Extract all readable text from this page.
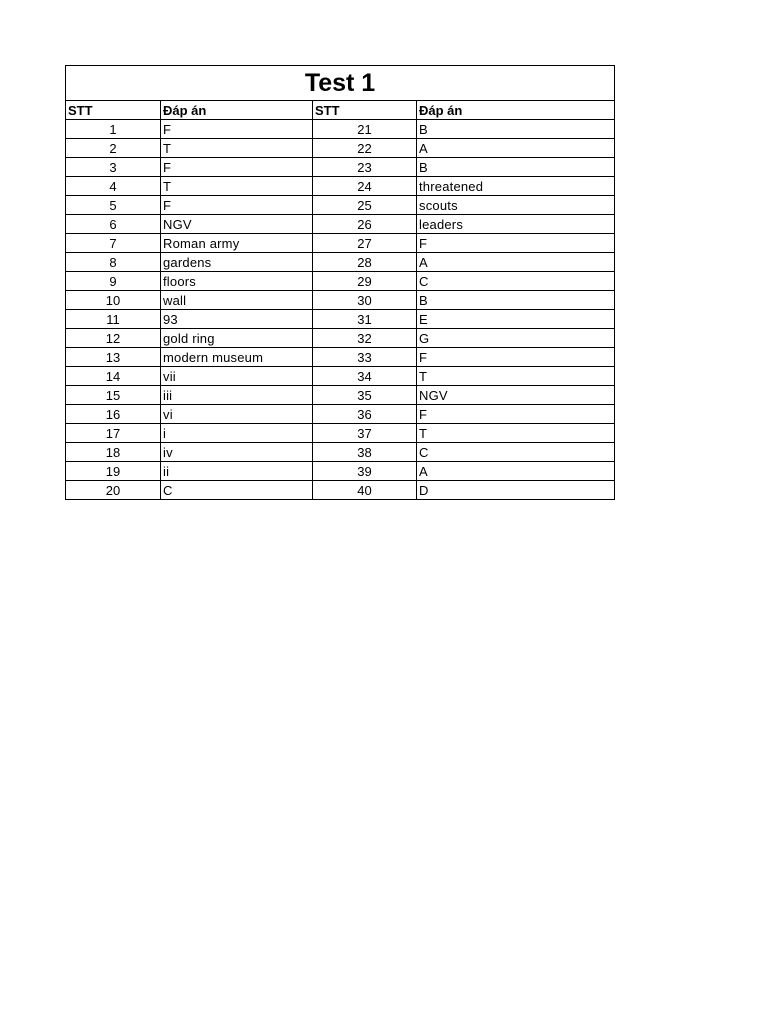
Test 1			
STT	Đáp án	STT	Đáp án
1	F	21	B
2	T	22	A
3	F	23	B
4	T	24	threatened
5	F	25	scouts
6	NGV	26	leaders
7	Roman army	27	F
8	gardens	28	A
9	floors	29	C
10	wall	30	B
11	93	31	E
12	gold ring	32	G
13	modern museum	33	F
14	vii	34	T
15	iii	35	NGV
16	vi	36	F
17	i	37	T
18	iv	38	C
19	ii	39	A
20	C	40	D
